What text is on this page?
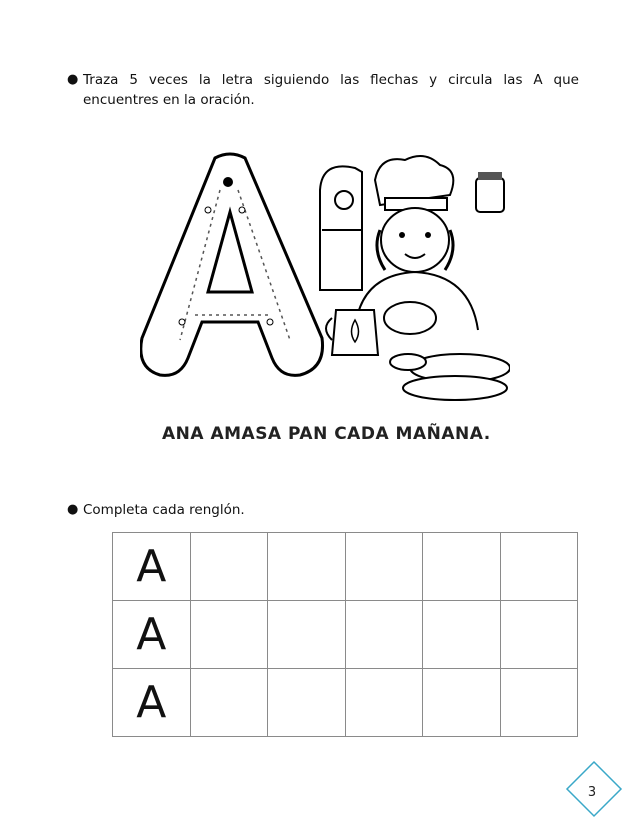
● Traza 5 veces la letra siguiendo las flechas y circula las A que encuentres en la oración.
ANA AMASA PAN CADA MAÑANA.
● Completa cada renglón.
A					
A					
A					
3
